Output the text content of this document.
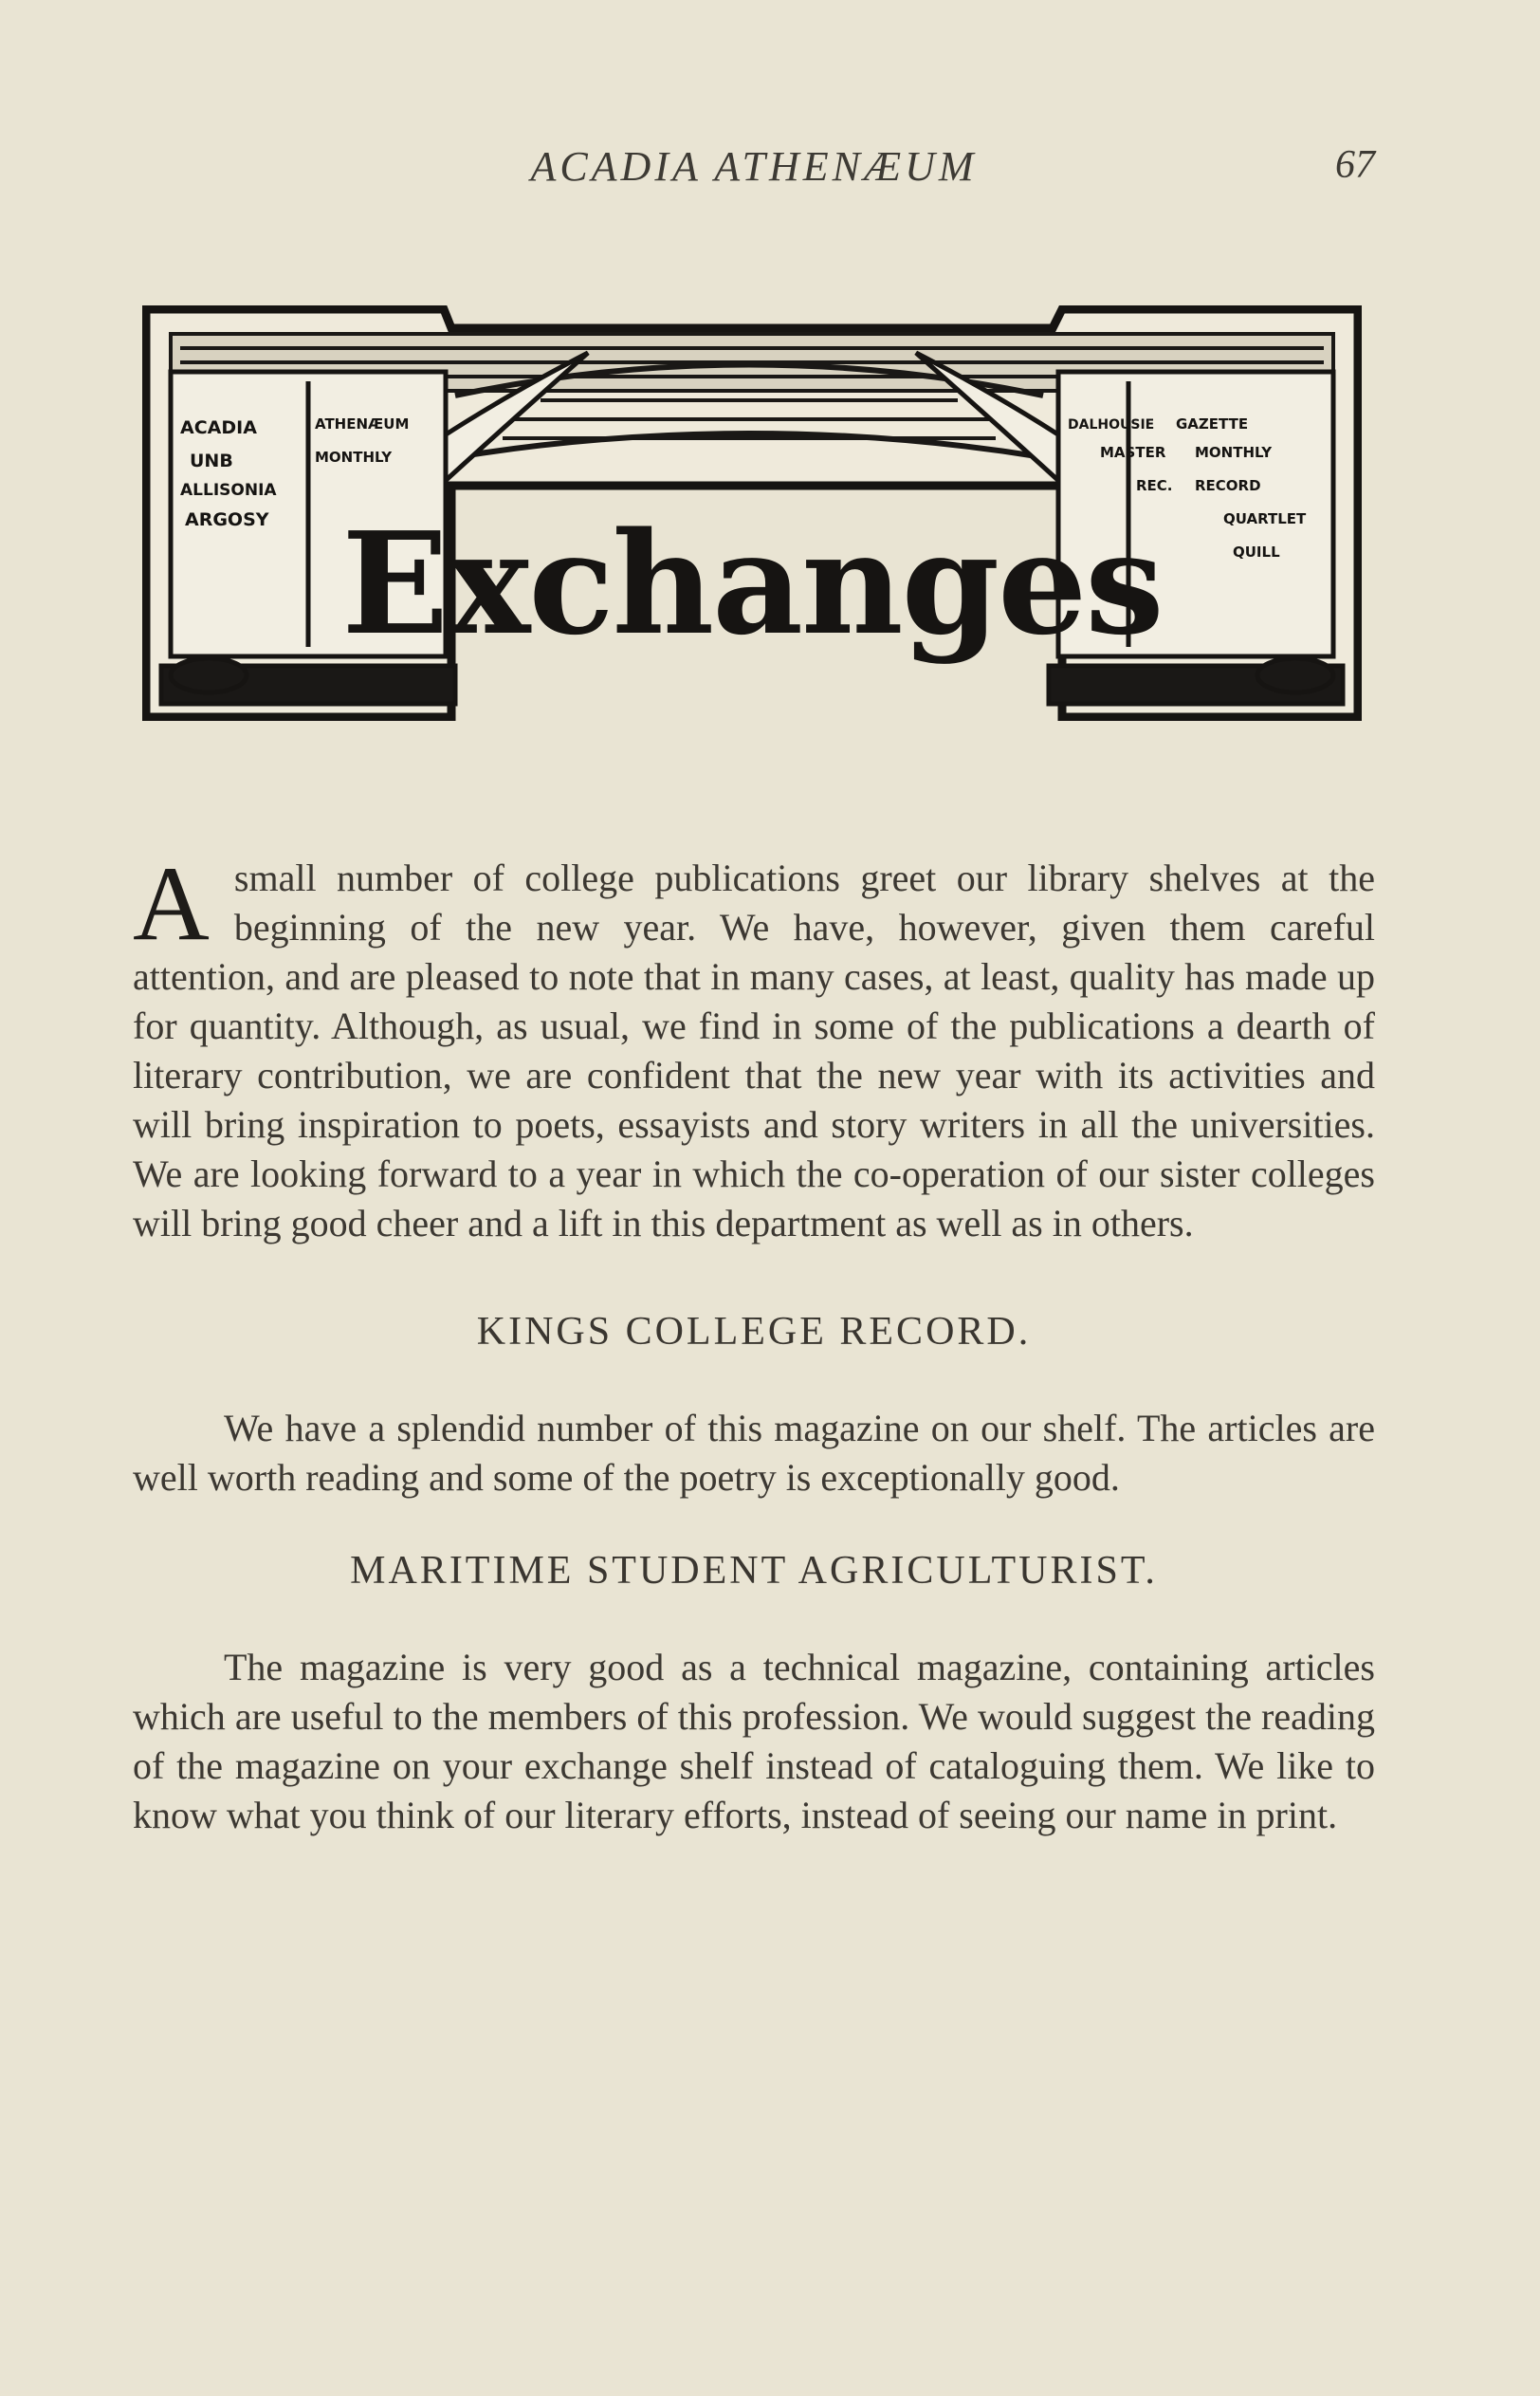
ACADIA ATHENÆUM	67
ACADIA	ATHENÆUM
UNB	MONTHLY
ALLISONIA
ARGOSY
DALHOUSIE GAZETTE
MASTER MONTHLY
REC. RECORD
QUARTLET
QUILL
Exchanges

Asmall number of college publications greet our library shelves at the beginning of the new year. We have, however, given them careful attention, and are pleased to note that in many cases, at least, quality has made up for quantity. Although, as usual, we find in some of the publications a dearth of literary contribution, we are confident that the new year with its activities and will bring inspiration to poets, essayists and story writers in all the universities. We are looking forward to a year in which the co-operation of our sister colleges will bring good cheer and a lift in this department as well as in others.

KINGS COLLEGE RECORD.

We have a splendid number of this magazine on our shelf. The articles are well worth reading and some of the poetry is exceptionally good.

MARITIME STUDENT AGRICULTURIST.

The magazine is very good as a technical magazine, containing articles which are useful to the members of this profession. We would suggest the reading of the magazine on your exchange shelf instead of cataloguing them. We like to know what you think of our literary efforts, instead of seeing our name in print.
